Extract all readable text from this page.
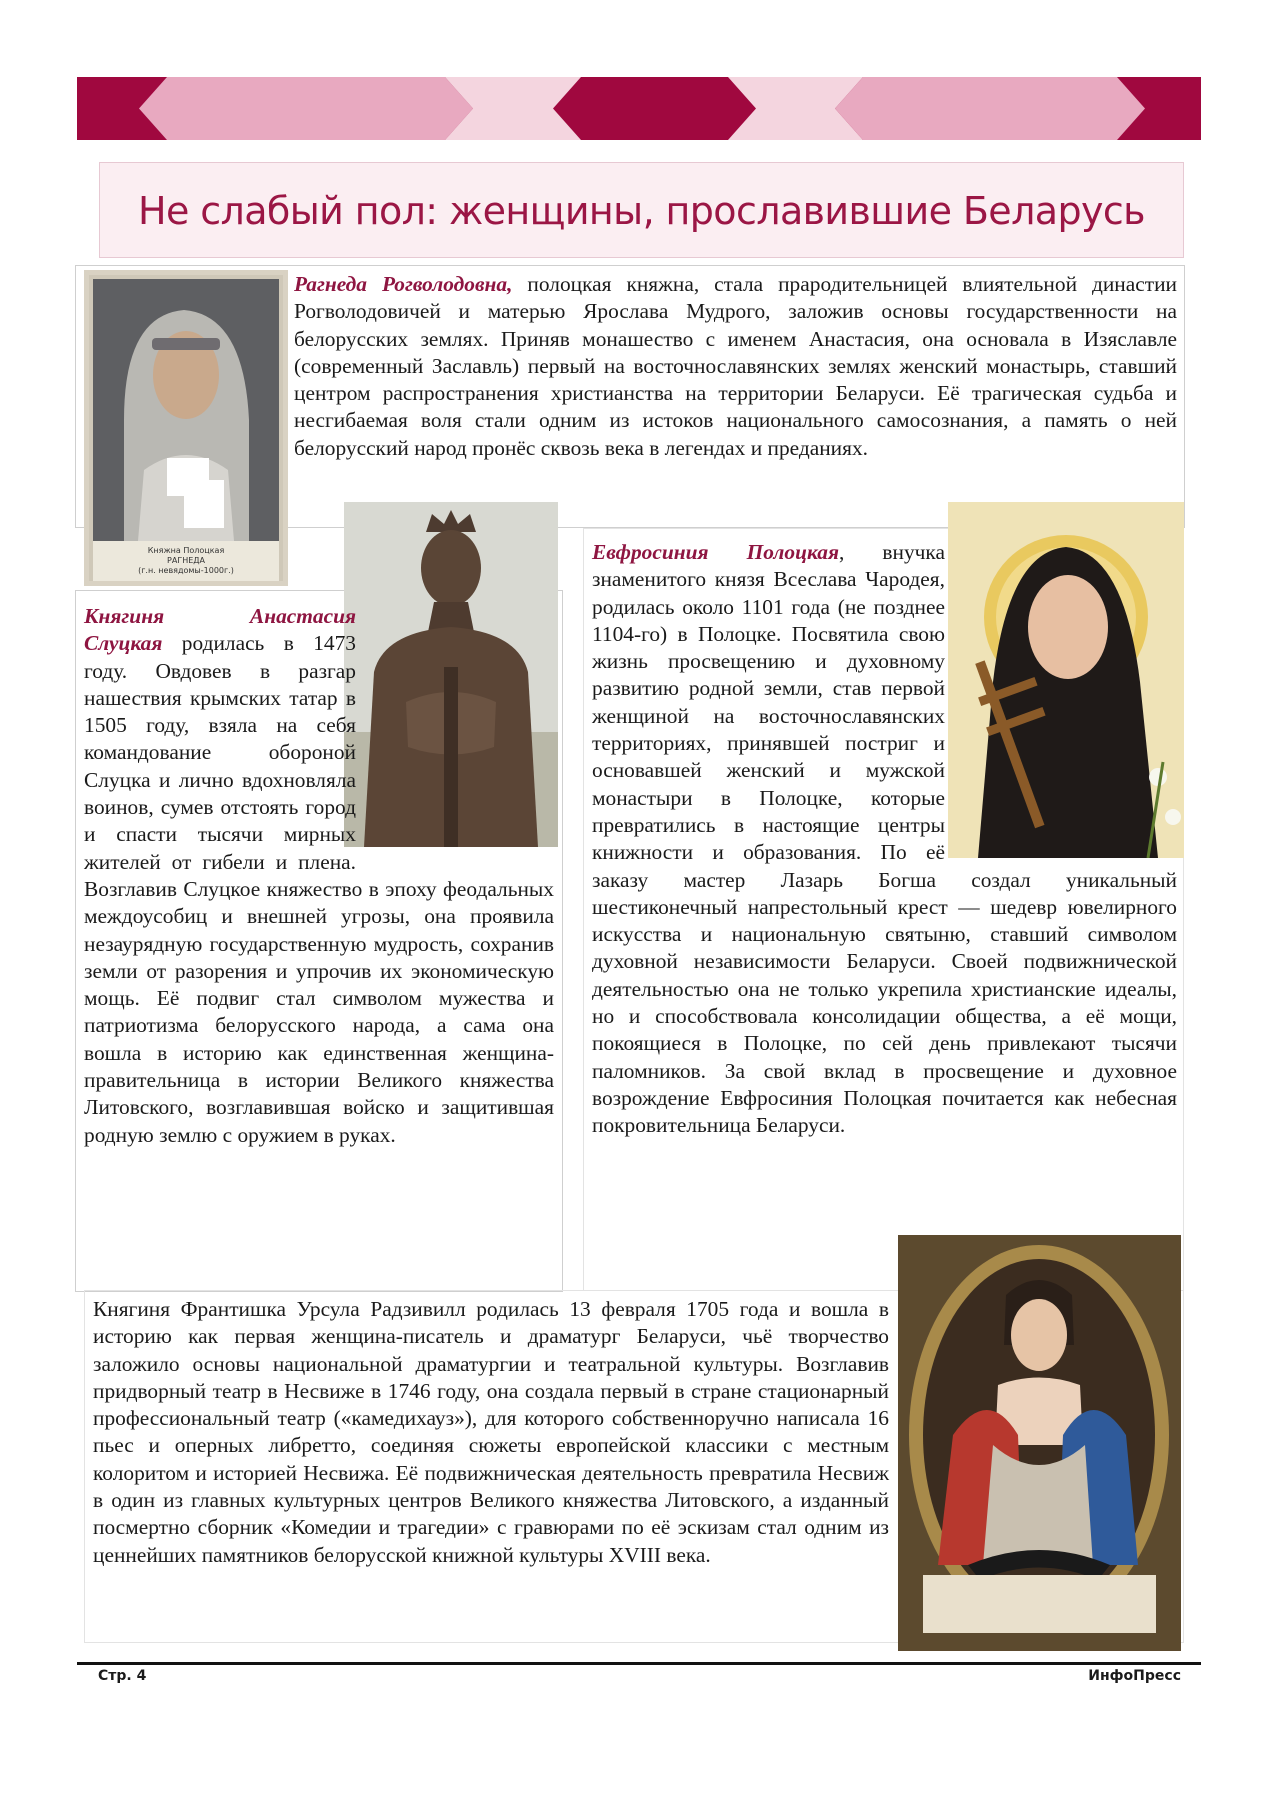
Не слабый пол: женщины, прославившие Беларусь
Княжна Полоцкая
РАГНЕДА
(г.н. невядомы-1000г.)

Рагнеда Рогволодовна, полоцкая княжна, стала прародительницей влиятельной династии Рогволодовичей и матерью Ярослава Мудрого, заложив основы государственности на белорусских землях. Приняв монашество с именем Анастасия, она основала в Изяславле (современный Заславль) первый на восточнославянских землях женский монастырь, ставший центром распространения христианства на территории Беларуси. Её трагическая судьба и несгибаемая воля стали одним из истоков национального самосознания, а память о ней белорусский народ пронёс сквозь века в легендах и преданиях.

Княгиня Анастасия Слуцкая родилась в 1473 году. Овдовев в разгар нашествия крымских татар в 1505 году, взяла на себя командование обороной Слуцка и лично вдохновляла воинов, сумев отстоять город и спасти тысячи мирных жителей от гибели и плена. Возглавив Слуцкое княжество в эпоху феодальных междоусобиц и внешней угрозы, она проявила незаурядную государственную мудрость, сохранив земли от разорения и упрочив их экономическую мощь. Её подвиг стал символом мужества и патриотизма белорусского народа, а сама она вошла в историю как единственная женщина-правительница в истории Великого княжества Литовского, возглавившая войско и защитившая родную землю с оружием в руках.

Евфросиния Полоцкая, внучка знаменитого князя Всеслава Чародея, родилась около 1101 года (не позднее 1104-го) в Полоцке. Посвятила свою жизнь просвещению и духовному развитию родной земли, став первой женщиной на восточнославянских территориях, принявшей постриг и основавшей женский и мужской монастыри в Полоцке, которые превратились в настоящие центры книжности и образования. По её заказу мастер Лазарь Богша создал уникальный шестиконечный напрестольный крест — шедевр ювелирного искусства и национальную святыню, ставший символом духовной независимости Беларуси. Своей подвижнической деятельностью она не только укрепила христианские идеалы, но и способствовала консолидации общества, а её мощи, покоящиеся в Полоцке, по сей день привлекают тысячи паломников. За свой вклад в просвещение и духовное возрождение Евфросиния Полоцкая почитается как небесная покровительница Беларуси.

Княгиня Франтишка Урсула Радзивилл родилась 13 февраля 1705 года и вошла в историю как первая женщина-писатель и драматург Беларуси, чьё творчество заложило основы национальной драматургии и театральной культуры. Возглавив придворный театр в Несвиже в 1746 году, она создала первый в стране стационарный профессиональный театр («камедихауз»), для которого собственноручно написала 16 пьес и оперных либретто, соединяя сюжеты европейской классики с местным колоритом и историей Несвижа. Её подвижническая деятельность превратила Несвиж в один из главных культурных центров Великого княжества Литовского, а изданный посмертно сборник «Комедии и трагедии» с гравюрами по её эскизам стал одним из ценнейших памятников белорусской книжной культуры XVIII века.

Стр. 4	ИнфоПресс
